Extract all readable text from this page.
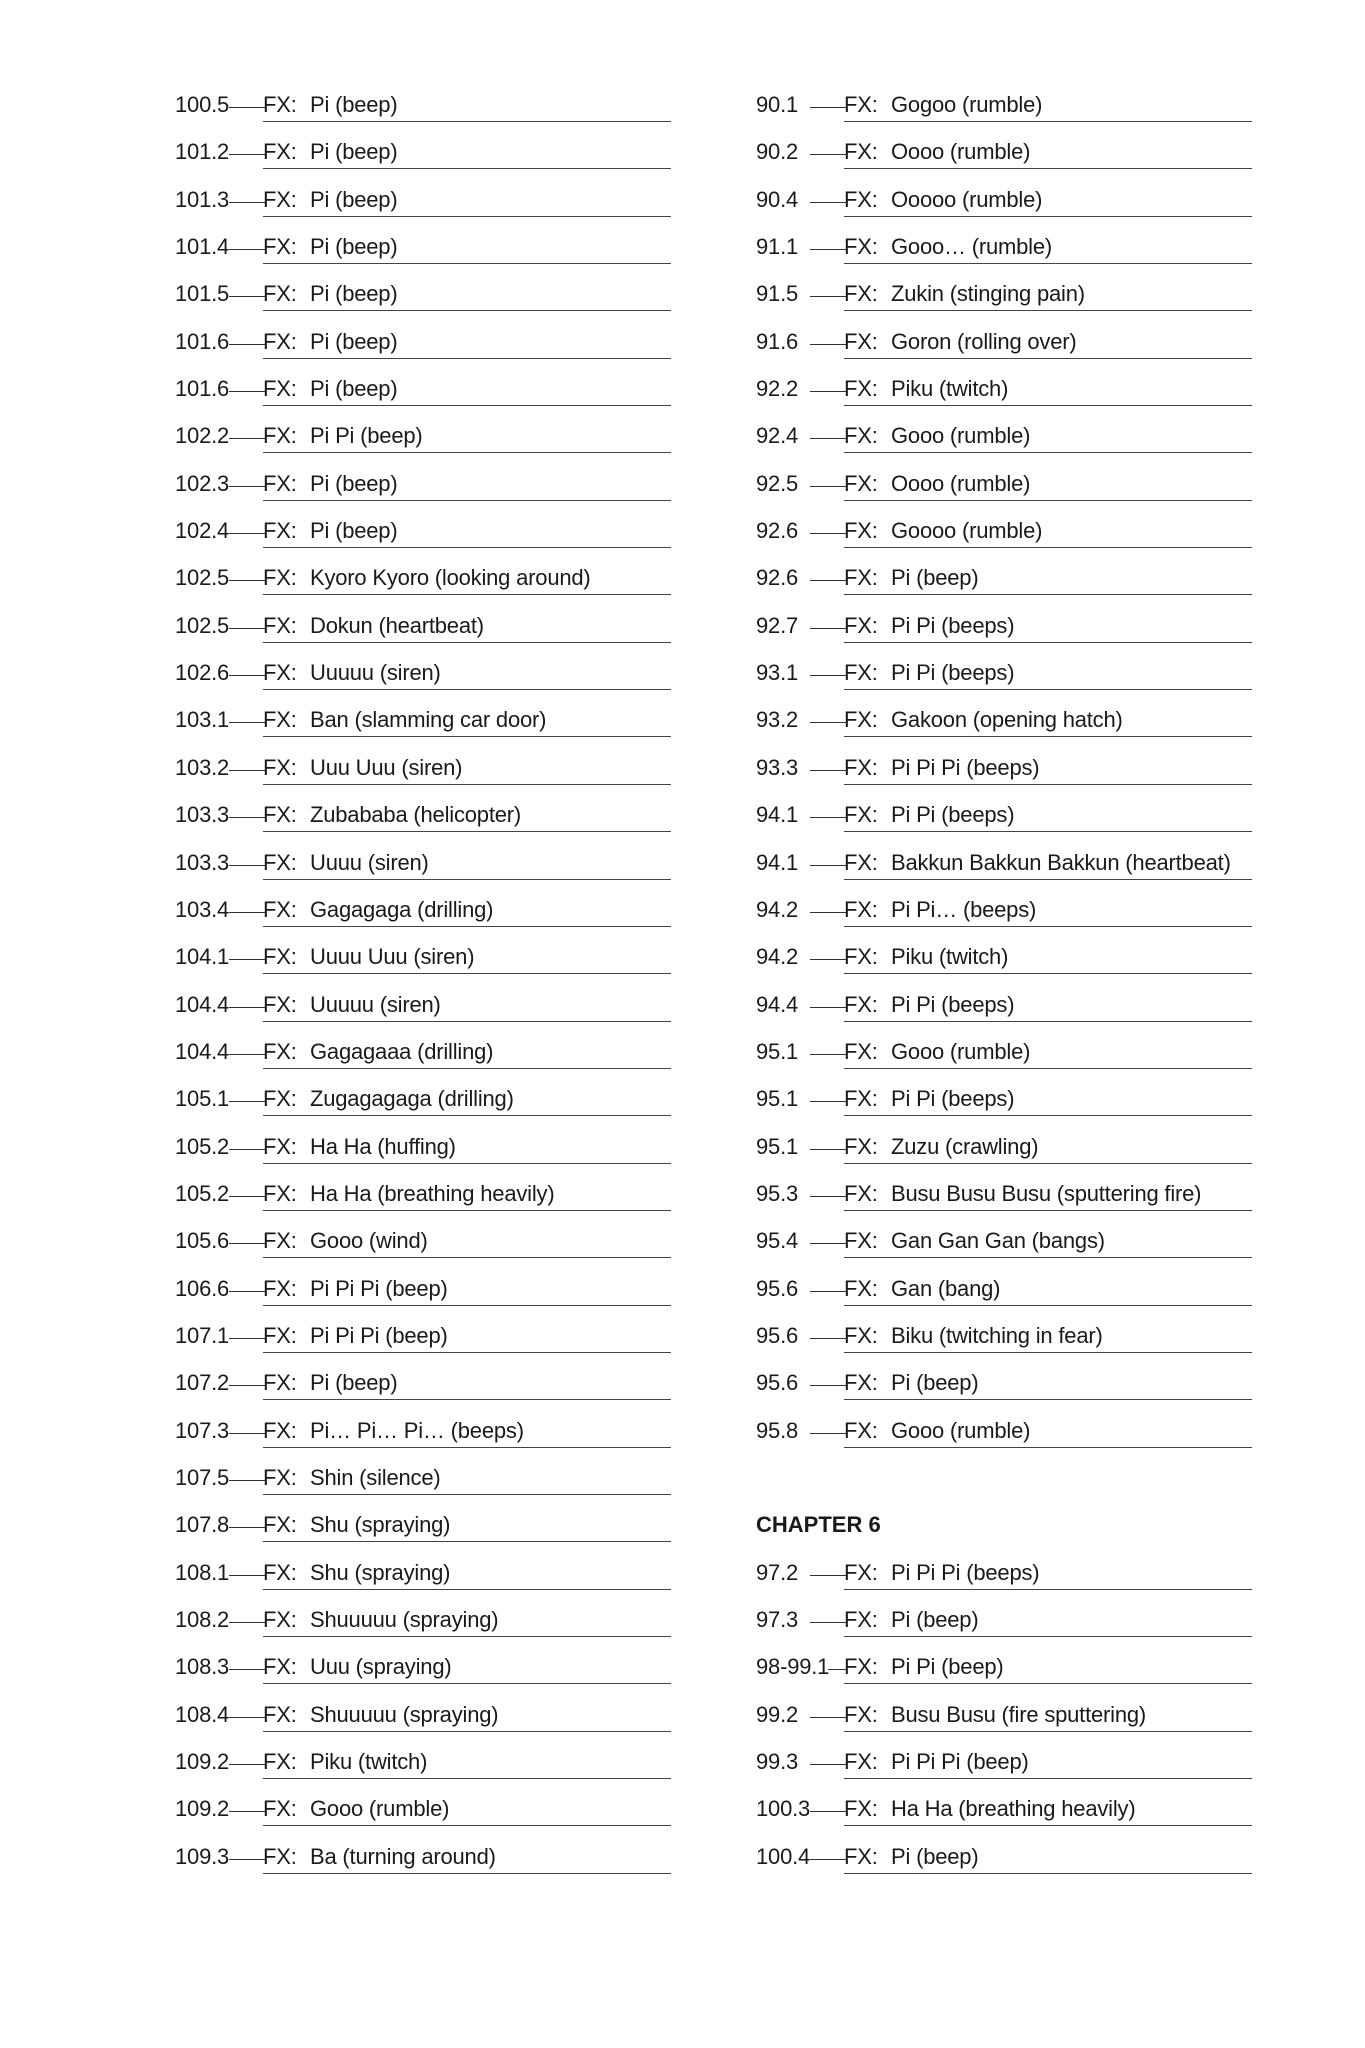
100.5 FX: Pi (beep)
101.2 FX: Pi (beep)
101.3 FX: Pi (beep)
101.4 FX: Pi (beep)
101.5 FX: Pi (beep)
101.6 FX: Pi (beep)
101.6 FX: Pi (beep)
102.2 FX: Pi Pi (beep)
102.3 FX: Pi (beep)
102.4 FX: Pi (beep)
102.5 FX: Kyoro Kyoro (looking around)
102.5 FX: Dokun (heartbeat)
102.6 FX: Uuuuu (siren)
103.1 FX: Ban (slamming car door)
103.2 FX: Uuu Uuu (siren)
103.3 FX: Zubababa (helicopter)
103.3 FX: Uuuu (siren)
103.4 FX: Gagagaga (drilling)
104.1 FX: Uuuu Uuu (siren)
104.4 FX: Uuuuu (siren)
104.4 FX: Gagagaaa (drilling)
105.1 FX: Zugagagaga (drilling)
105.2 FX: Ha Ha (huffing)
105.2 FX: Ha Ha (breathing heavily)
105.6 FX: Gooo (wind)
106.6 FX: Pi Pi Pi (beep)
107.1 FX: Pi Pi Pi (beep)
107.2 FX: Pi (beep)
107.3 FX: Pi… Pi… Pi… (beeps)
107.5 FX: Shin (silence)
107.8 FX: Shu (spraying)
108.1 FX: Shu (spraying)
108.2 FX: Shuuuuu (spraying)
108.3 FX: Uuu (spraying)
108.4 FX: Shuuuuu (spraying)
109.2 FX: Piku (twitch)
109.2 FX: Gooo (rumble)
109.3 FX: Ba (turning around)
90.1	FX: Gogoo (rumble)
90.2	FX: Oooo (rumble)
90.4	FX: Ooooo (rumble)
91.1	FX: Gooo… (rumble)
91.5	FX: Zukin (stinging pain)
91.6	FX: Goron (rolling over)
92.2	FX: Piku (twitch)
92.4	FX: Gooo (rumble)
92.5	FX: Oooo (rumble)
92.6	FX: Goooo (rumble)
92.6	FX: Pi (beep)
92.7	FX: Pi Pi (beeps)
93.1	FX: Pi Pi (beeps)
93.2	FX: Gakoon (opening hatch)
93.3	FX: Pi Pi Pi (beeps)
94.1	FX: Pi Pi (beeps)
94.1	FX: Bakkun Bakkun Bakkun (heartbeat)
94.2	FX: Pi Pi… (beeps)
94.2	FX: Piku (twitch)
94.4	FX: Pi Pi (beeps)
95.1	FX: Gooo (rumble)
95.1	FX: Pi Pi (beeps)
95.1	FX: Zuzu (crawling)
95.3	FX: Busu Busu Busu (sputtering fire)
95.4	FX: Gan Gan Gan (bangs)
95.6	FX: Gan (bang)
95.6	FX: Biku (twitching in fear)
95.6	FX: Pi (beep)
95.8	FX: Gooo (rumble)
CHAPTER 6
97.2	FX: Pi Pi Pi (beeps)
97.3	FX: Pi (beep)
98-99.1 FX: Pi Pi (beep)
99.2	FX: Busu Busu (fire sputtering)
99.3	FX: Pi Pi Pi (beep)
100.3 FX: Ha Ha (breathing heavily)
100.4 FX: Pi (beep)
